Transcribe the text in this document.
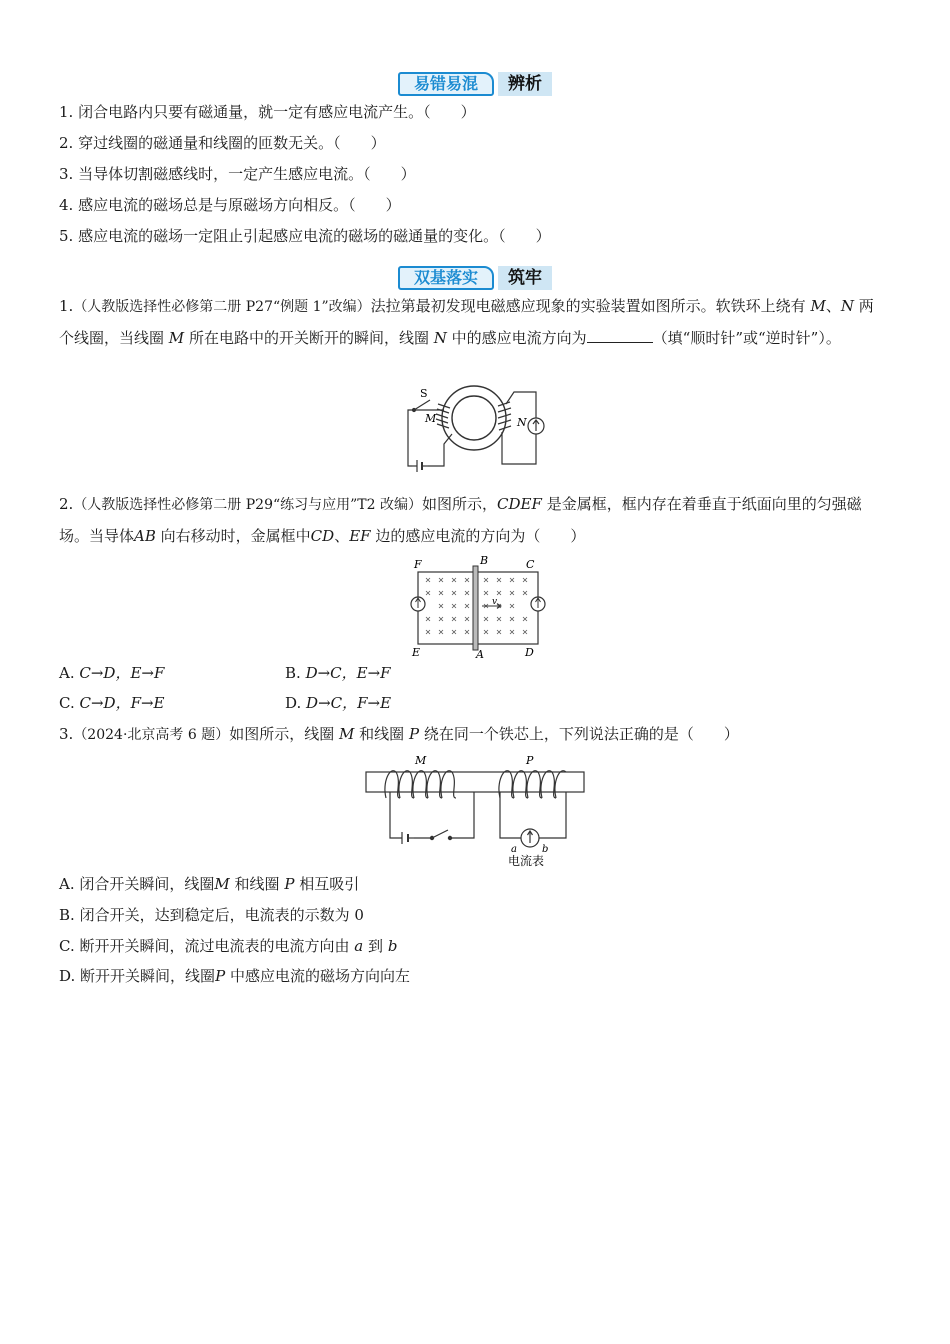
易错易混	辨析
1. 闭合电路内只要有磁通量，就一定有感应电流产生。（　　）
2. 穿过线圈的磁通量和线圈的匝数无关。（　　）
3. 当导体切割磁感线时，一定产生感应电流。（　　）
4. 感应电流的磁场总是与原磁场方向相反。（　　）
5. 感应电流的磁场一定阻止引起感应电流的磁场的磁通量的变化。（　　）
双基落实	筑牢
1.（人教版选择性必修第二册 P27“例题 1”改编）法拉第最初发现电磁感应现象的实验装置如图所示。软铁环上绕有 M、N 两个线圈，当线圈 M 所在电路中的开关断开的瞬间，线圈 N 中的感应电流方向为	（填“顺时针”或“逆时针”）。
S
M	N
2.（人教版选择性必修第二册 P29“练习与应用”T2 改编）如图所示，CDEF 是金属框，框内存在着垂直于纸面向里的匀强磁场。当导体AB 向右移动时，金属框中CD、EF 边的感应电流的方向为（　　）
v
F	B	C
E	A	D
A. C→D，E→F	B. D→C，E→F
C. C→D，F→E	D. D→C，F→E
3.（2024·北京高考 6 题）如图所示，线圈 M 和线圈 P 绕在同一个铁芯上，下列说法正确的是（　　）
M	P
a	b
电流表
A. 闭合开关瞬间，线圈M 和线圈 P 相互吸引
B. 闭合开关，达到稳定后，电流表的示数为 0
C. 断开开关瞬间，流过电流表的电流方向由 a 到 b
D. 断开开关瞬间，线圈P 中感应电流的磁场方向向左
